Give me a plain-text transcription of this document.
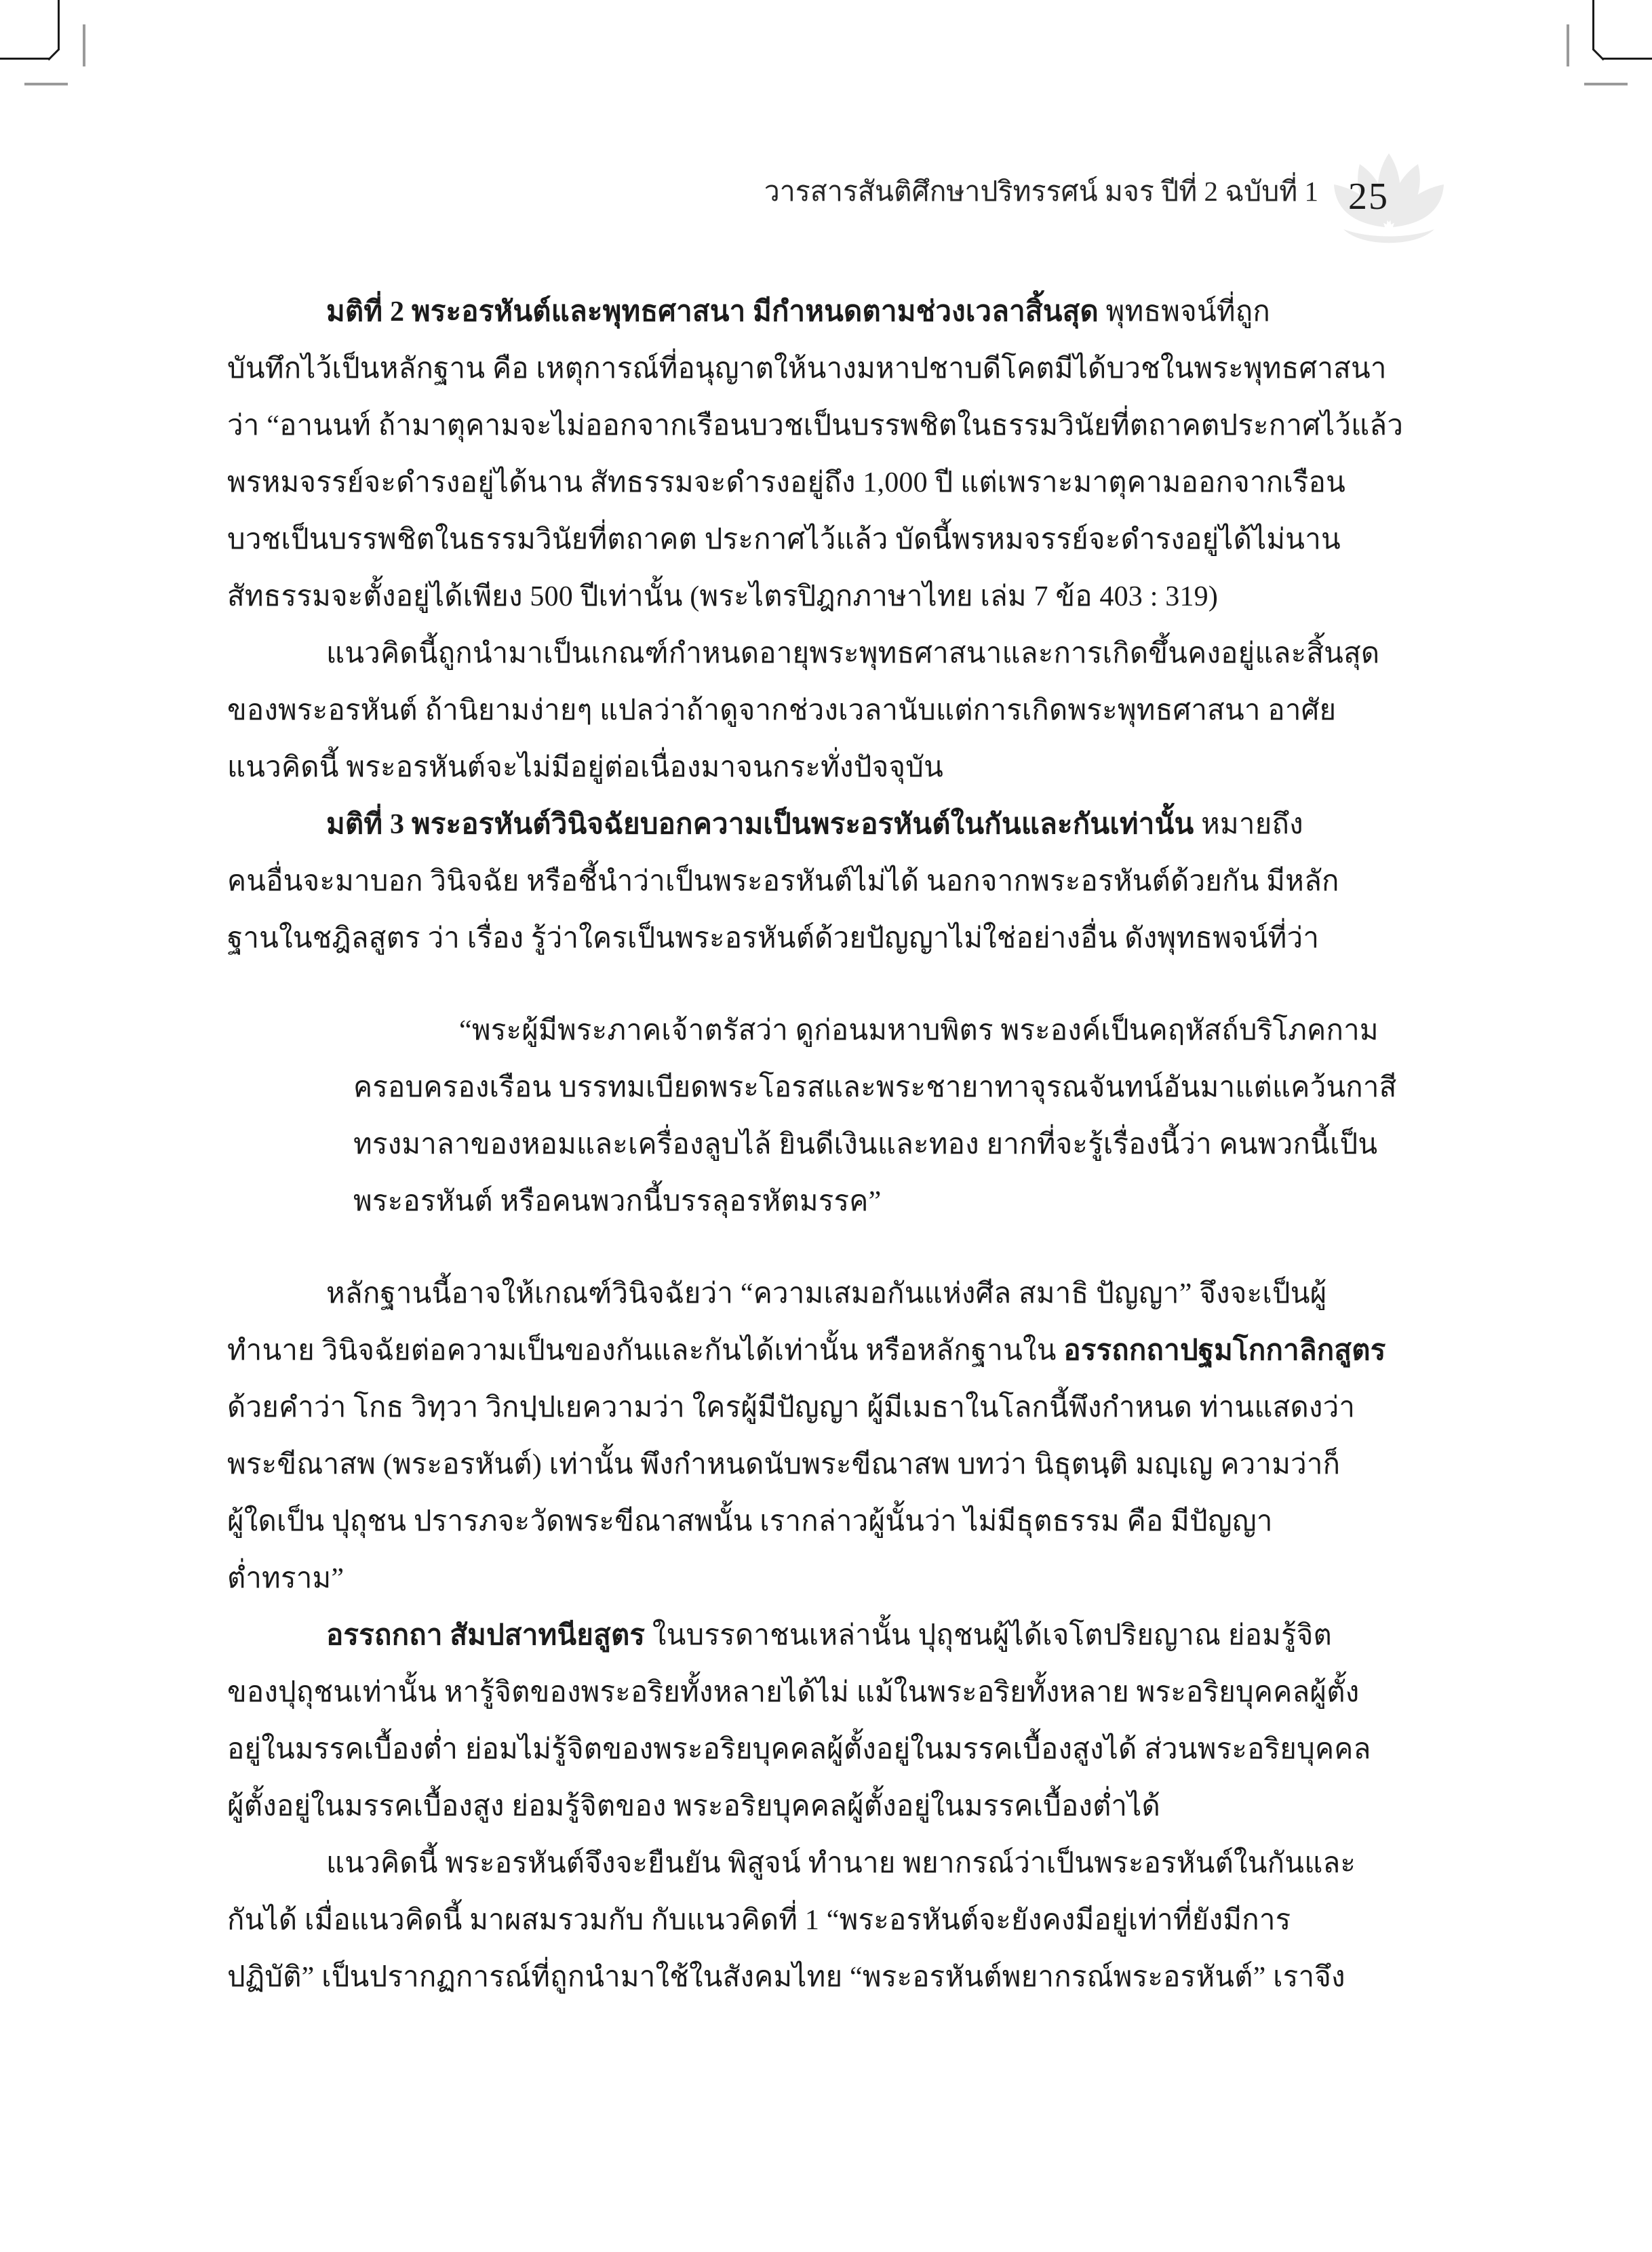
วารสารสันติศึกษาปริทรรศน์ มจร ปีที่ 2 ฉบับที่ 1 25
มติที่ 2 พระอรหันต์และพุทธศาสนา มีกำหนดตามช่วงเวลาสิ้นสุด พุทธพจน์ที่ถูก
บันทึกไว้เป็นหลักฐาน คือ เหตุการณ์ที่อนุญาตให้นางมหาปชาบดีโคตมีได้บวชในพระพุทธศาสนา
ว่า “อานนท์ ถ้ามาตุคามจะไม่ออกจากเรือนบวชเป็นบรรพชิตในธรรมวินัยที่ตถาคตประกาศไว้แล้ว
พรหมจรรย์จะดำรงอยู่ได้นาน สัทธรรมจะดำรงอยู่ถึง 1,000 ปี แต่เพราะมาตุคามออกจากเรือน
บวชเป็นบรรพชิตในธรรมวินัยที่ตถาคต ประกาศไว้แล้ว บัดนี้พรหมจรรย์จะดำรงอยู่ได้ไม่นาน
สัทธรรมจะตั้งอยู่ได้เพียง 500 ปีเท่านั้น (พระไตรปิฎกภาษาไทย เล่ม 7 ข้อ 403 : 319)
แนวคิดนี้ถูกนำมาเป็นเกณฑ์กำหนดอายุพระพุทธศาสนาและการเกิดขึ้นคงอยู่และสิ้นสุด
ของพระอรหันต์ ถ้านิยามง่ายๆ แปลว่าถ้าดูจากช่วงเวลานับแต่การเกิดพระพุทธศาสนา อาศัย
แนวคิดนี้ พระอรหันต์จะไม่มีอยู่ต่อเนื่องมาจนกระทั่งปัจจุบัน
มติที่ 3 พระอรหันต์วินิจฉัยบอกความเป็นพระอรหันต์ในกันและกันเท่านั้น หมายถึง
คนอื่นจะมาบอก วินิจฉัย หรือชี้นำว่าเป็นพระอรหันต์ไม่ได้ นอกจากพระอรหันต์ด้วยกัน มีหลัก
ฐานในชฎิลสูตร ว่า เรื่อง รู้ว่าใครเป็นพระอรหันต์ด้วยปัญญาไม่ใช่อย่างอื่น ดังพุทธพจน์ที่ว่า
“พระผู้มีพระภาคเจ้าตรัสว่า ดูก่อนมหาบพิตร พระองค์เป็นคฤหัสถ์บริโภคกาม
ครอบครองเรือน บรรทมเบียดพระโอรสและพระชายาทาจุรณจันทน์อันมาแต่แคว้นกาสี
ทรงมาลาของหอมและเครื่องลูบไล้ ยินดีเงินและทอง ยากที่จะรู้เรื่องนี้ว่า คนพวกนี้เป็น
พระอรหันต์ หรือคนพวกนี้บรรลุอรหัตมรรค”
หลักฐานนี้อาจให้เกณฑ์วินิจฉัยว่า “ความเสมอกันแห่งศีล สมาธิ ปัญญา” จึงจะเป็นผู้
ทำนาย วินิจฉัยต่อความเป็นของกันและกันได้เท่านั้น หรือหลักฐานใน อรรถกถาปฐมโกกาลิกสูตร
ด้วยคำว่า โกธ วิทฺวา วิกปฺปเยความว่า ใครผู้มีปัญญา ผู้มีเมธาในโลกนี้พึงกำหนด ท่านแสดงว่า
พระขีณาสพ (พระอรหันต์) เท่านั้น พึงกำหนดนับพระขีณาสพ บทว่า นิธุตนฺติ มญฺเญ ความว่าก็
ผู้ใดเป็น ปุถุชน ปรารภจะวัดพระขีณาสพนั้น เรากล่าวผู้นั้นว่า ไม่มีธุตธรรม คือ มีปัญญา
ต่ำทราม”
อรรถกถา สัมปสาทนียสูตร ในบรรดาชนเหล่านั้น ปุถุชนผู้ได้เจโตปริยญาณ ย่อมรู้จิต
ของปุถุชนเท่านั้น หารู้จิตของพระอริยทั้งหลายได้ไม่ แม้ในพระอริยทั้งหลาย พระอริยบุคคลผู้ตั้ง
อยู่ในมรรคเบื้องต่ำ ย่อมไม่รู้จิตของพระอริยบุคคลผู้ตั้งอยู่ในมรรคเบื้องสูงได้ ส่วนพระอริยบุคคล
ผู้ตั้งอยู่ในมรรคเบื้องสูง ย่อมรู้จิตของ พระอริยบุคคลผู้ตั้งอยู่ในมรรคเบื้องต่ำได้
แนวคิดนี้ พระอรหันต์จึงจะยืนยัน พิสูจน์ ทำนาย พยากรณ์ว่าเป็นพระอรหันต์ในกันและ
กันได้ เมื่อแนวคิดนี้ มาผสมรวมกับ กับแนวคิดที่ 1 “พระอรหันต์จะยังคงมีอยู่เท่าที่ยังมีการ
ปฏิบัติ” เป็นปรากฏการณ์ที่ถูกนำมาใช้ในสังคมไทย “พระอรหันต์พยากรณ์พระอรหันต์” เราจึง
